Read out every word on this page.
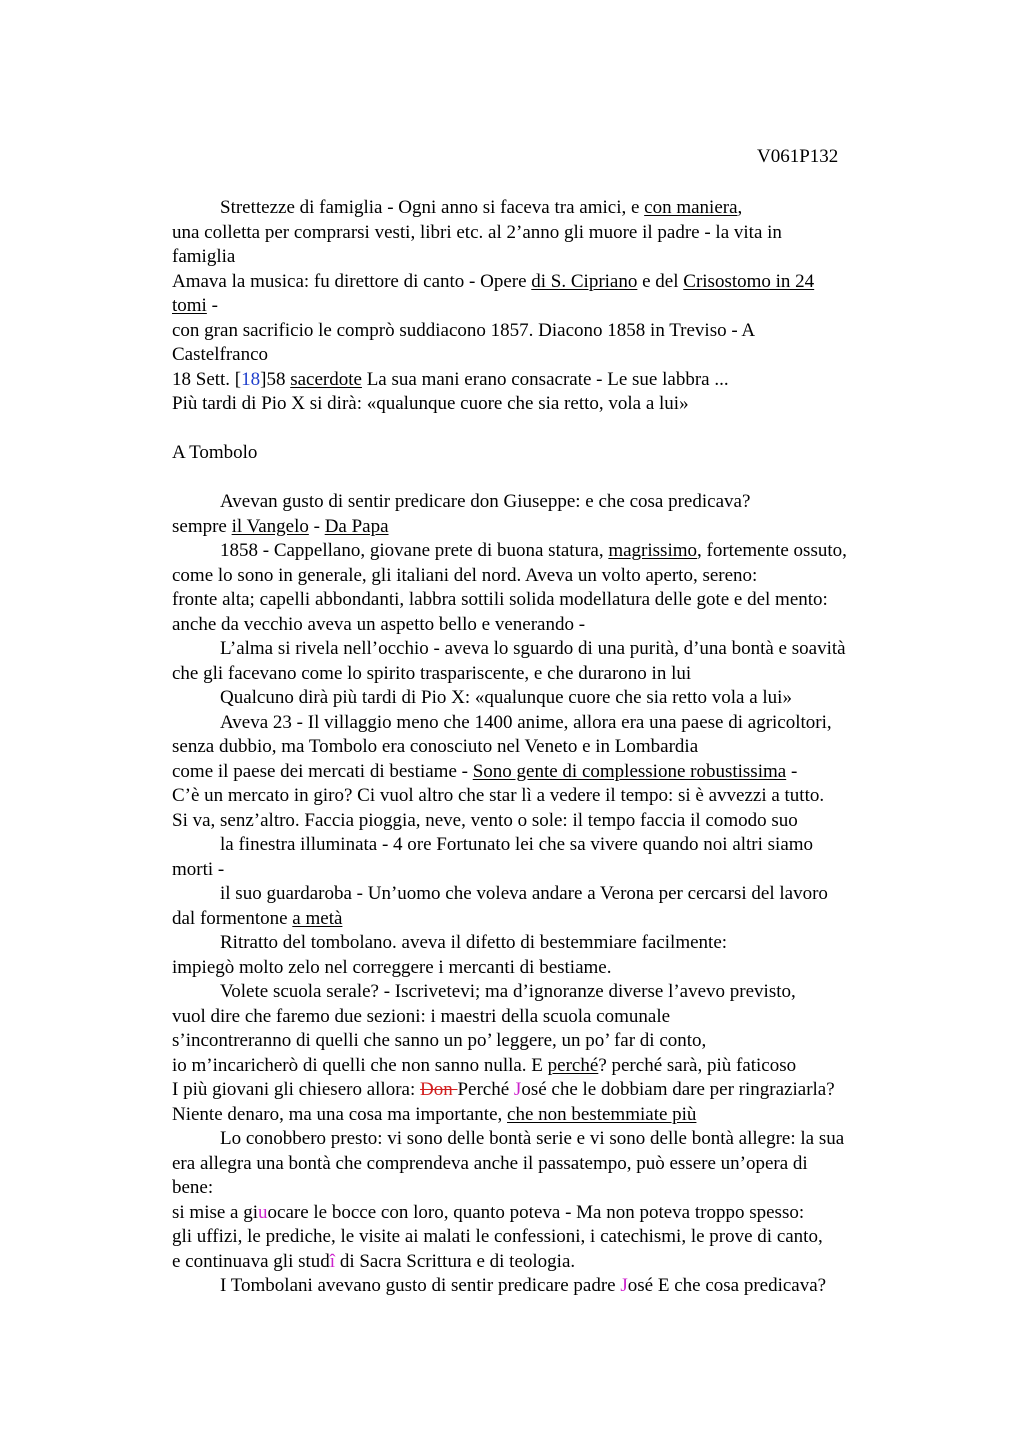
V061P132
Strettezze di famiglia - Ogni anno si faceva tra amici, e con maniera,
una colletta per comprarsi vesti, libri etc. al 2’anno gli muore il padre - la vita in
famiglia
Amava la musica: fu direttore di canto - Opere di S. Cipriano e del Crisostomo in 24
tomi -
con gran sacrificio le comprò suddiacono 1857. Diacono 1858 in Treviso - A
Castelfranco
18 Sett. [18]58 sacerdote La sua mani erano consacrate - Le sue labbra ...
Più tardi di Pio X si dirà: «qualunque cuore che sia retto, vola a lui»
A Tombolo
Avevan gusto di sentir predicare don Giuseppe: e che cosa predicava?
sempre il Vangelo - Da Papa
1858 - Cappellano, giovane prete di buona statura, magrissimo, fortemente ossuto,
come lo sono in generale, gli italiani del nord. Aveva un volto aperto, sereno:
fronte alta; capelli abbondanti, labbra sottili solida modellatura delle gote e del mento:
anche da vecchio aveva un aspetto bello e venerando -
L’alma si rivela nell’occhio - aveva lo sguardo di una purità, d’una bontà e soavità
che gli facevano come lo spirito traspariscente, e che durarono in lui
Qualcuno dirà più tardi di Pio X: «qualunque cuore che sia retto vola a lui»
Aveva 23 - Il villaggio meno che 1400 anime, allora era una paese di agricoltori,
senza dubbio, ma Tombolo era conosciuto nel Veneto e in Lombardia
come il paese dei mercati di bestiame - Sono gente di complessione robustissima -
C’è un mercato in giro? Ci vuol altro che star lì a vedere il tempo: si è avvezzi a tutto.
Si va, senz’altro. Faccia pioggia, neve, vento o sole: il tempo faccia il comodo suo
la finestra illuminata - 4 ore Fortunato lei che sa vivere quando noi altri siamo
morti -
il suo guardaroba - Un’uomo che voleva andare a Verona per cercarsi del lavoro
dal formentone a metà
Ritratto del tombolano. aveva il difetto di bestemmiare facilmente:
impiegò molto zelo nel correggere i mercanti di bestiame.
Volete scuola serale? - Iscrivetevi; ma d’ignoranze diverse l’avevo previsto,
vuol dire che faremo due sezioni: i maestri della scuola comunale
s’incontreranno di quelli che sanno un po’ leggere, un po’ far di conto,
io m’incaricherò di quelli che non sanno nulla. E perché? perché sarà, più faticoso
I più giovani gli chiesero allora: Don Perché José che le dobbiam dare per ringraziarla?
Niente denaro, ma una cosa ma importante, che non bestemmiate più
Lo conobbero presto: vi sono delle bontà serie e vi sono delle bontà allegre: la sua
era allegra una bontà che comprendeva anche il passatempo, può essere un’opera di
bene:
si mise a giuocare le bocce con loro, quanto poteva - Ma non poteva troppo spesso:
gli uffizi, le prediche, le visite ai malati le confessioni, i catechismi, le prove di canto,
e continuava gli studî di Sacra Scrittura e di teologia.
I Tombolani avevano gusto di sentir predicare padre José E che cosa predicava?
